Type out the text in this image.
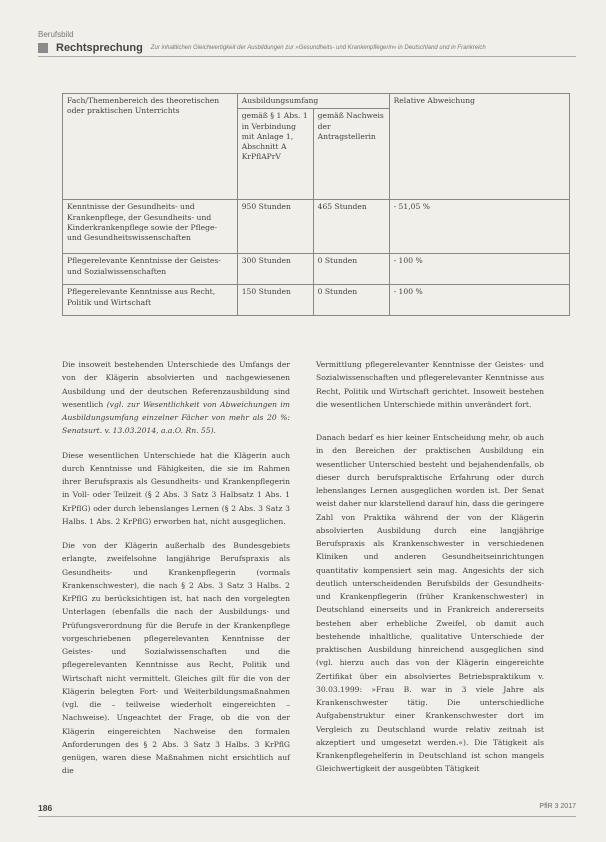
Berufsbild
Rechtsprechung Zur inhaltlichen Gleichwertigkeit der Ausbildungen zur »Gesundheits- und Krankenpflegerin« in Deutschland und in Frankreich
Fach/Themenbereich des theoretischen oder praktischen Unterrichts	Ausbildungsumfang		Relative Abweichung
	gemäß § 1 Abs. 1 in Verbindung mit Anlage 1, Abschnitt A KrPflAPrV	gemäß Nachweis der Antragstellerin	
Kenntnisse der Gesundheits- und Krankenpflege, der Gesundheits- und Kinderkrankenpflege sowie der Pflege- und Gesundheitswissenschaften	950 Stunden	465 Stunden	- 51,05 %
Pflegerelevante Kenntnisse der Geistes- und Sozialwissenschaften	300 Stunden	0 Stunden	- 100 %
Pflegerelevante Kenntnisse aus Recht, Politik und Wirtschaft	150 Stunden	0 Stunden	- 100 %

Die insoweit bestehenden Unterschiede des Umfangs der von der Klägerin absolvierten und nachgewiesenen Ausbildung und der deutschen Referenzausbildung sind wesentlich (vgl. zur Wesentlichkeit von Abweichungen im Ausbildungsumfang einzelner Fächer von mehr als 20 %: Senatsurt. v. 13.03.2014, a.a.O. Rn. 55).

Diese wesentlichen Unterschiede hat die Klägerin auch durch Kenntnisse und Fähigkeiten, die sie im Rahmen ihrer Berufspraxis als Gesundheits- und Krankenpflegerin in Voll- oder Teilzeit (§ 2 Abs. 3 Satz 3 Halbsatz 1 Abs. 1 KrPflG) oder durch lebenslanges Lernen (§ 2 Abs. 3 Satz 3 Halbs. 1 Abs. 2 KrPflG) erworben hat, nicht ausgeglichen.

Die von der Klägerin außerhalb des Bundesgebiets erlangte, zweifelsohne langjährige Berufspraxis als Gesundheits- und Krankenpflegerin (vormals Krankenschwester), die nach § 2 Abs. 3 Satz 3 Halbs. 2 KrPflG zu berücksichtigen ist, hat nach den vorgelegten Unterlagen (ebenfalls die nach der Ausbildungs- und Prüfungsverordnung für die Berufe in der Krankenpflege vorgeschriebenen pflegerelevanten Kenntnisse der Geistes- und Sozialwissenschaften und die pflegerelevanten Kenntnisse aus Recht, Politik und Wirtschaft nicht vermittelt. Gleiches gilt für die von der Klägerin belegten Fort- und Weiterbildungsmaßnahmen (vgl. die – teilweise wiederholt eingereichten – Nachweise). Ungeachtet der Frage, ob die von der Klägerin eingereichten Nachweise den formalen Anforderungen des § 2 Abs. 3 Satz 3 Halbs. 3 KrPflG genügen, waren diese Maßnahmen nicht ersichtlich auf die

Vermittlung pflegerelevanter Kenntnisse der Geistes- und Sozialwissenschaften und pflegerelevanter Kenntnisse aus Recht, Politik und Wirtschaft gerichtet. Insoweit bestehen die wesentlichen Unterschiede mithin unverändert fort.

Danach bedarf es hier keiner Entscheidung mehr, ob auch in den Bereichen der praktischen Ausbildung ein wesentlicher Unterschied besteht und bejahendenfalls, ob dieser durch berufspraktische Erfahrung oder durch lebenslanges Lernen ausgeglichen worden ist. Der Senat weist daher nur klarstellend darauf hin, dass die geringere Zahl von Praktika während der von der Klägerin absolvierten Ausbildung durch eine langjährige Berufspraxis als Krankenschwester in verschiedenen Kliniken und anderen Gesundheitseinrichtungen quantitativ kompensiert sein mag. Angesichts der sich deutlich unterscheidenden Berufsbilds der Gesundheits- und Krankenpflegerin (früher Krankenschwester) in Deutschland einerseits und in Frankreich andererseits bestehen aber erhebliche Zweifel, ob damit auch bestehende inhaltliche, qualitative Unterschiede der praktischen Ausbildung hinreichend ausgeglichen sind (vgl. hierzu auch das von der Klägerin eingereichte Zertifikat über ein absolviertes Betriebspraktikum v. 30.03.1999: »Frau B. war in 3 viele Jahre als Krankenschwester tätig. Die unterschiedliche Aufgabenstruktur einer Krankenschwester dort im Vergleich zu Deutschland wurde relativ zeitnah ist akzeptiert und umgesetzt werden.«). Die Tätigkeit als Krankenpflegehelferin in Deutschland ist schon mangels Gleichwertigkeit der ausgeübten Tätigkeit

186	PflR 3 2017
